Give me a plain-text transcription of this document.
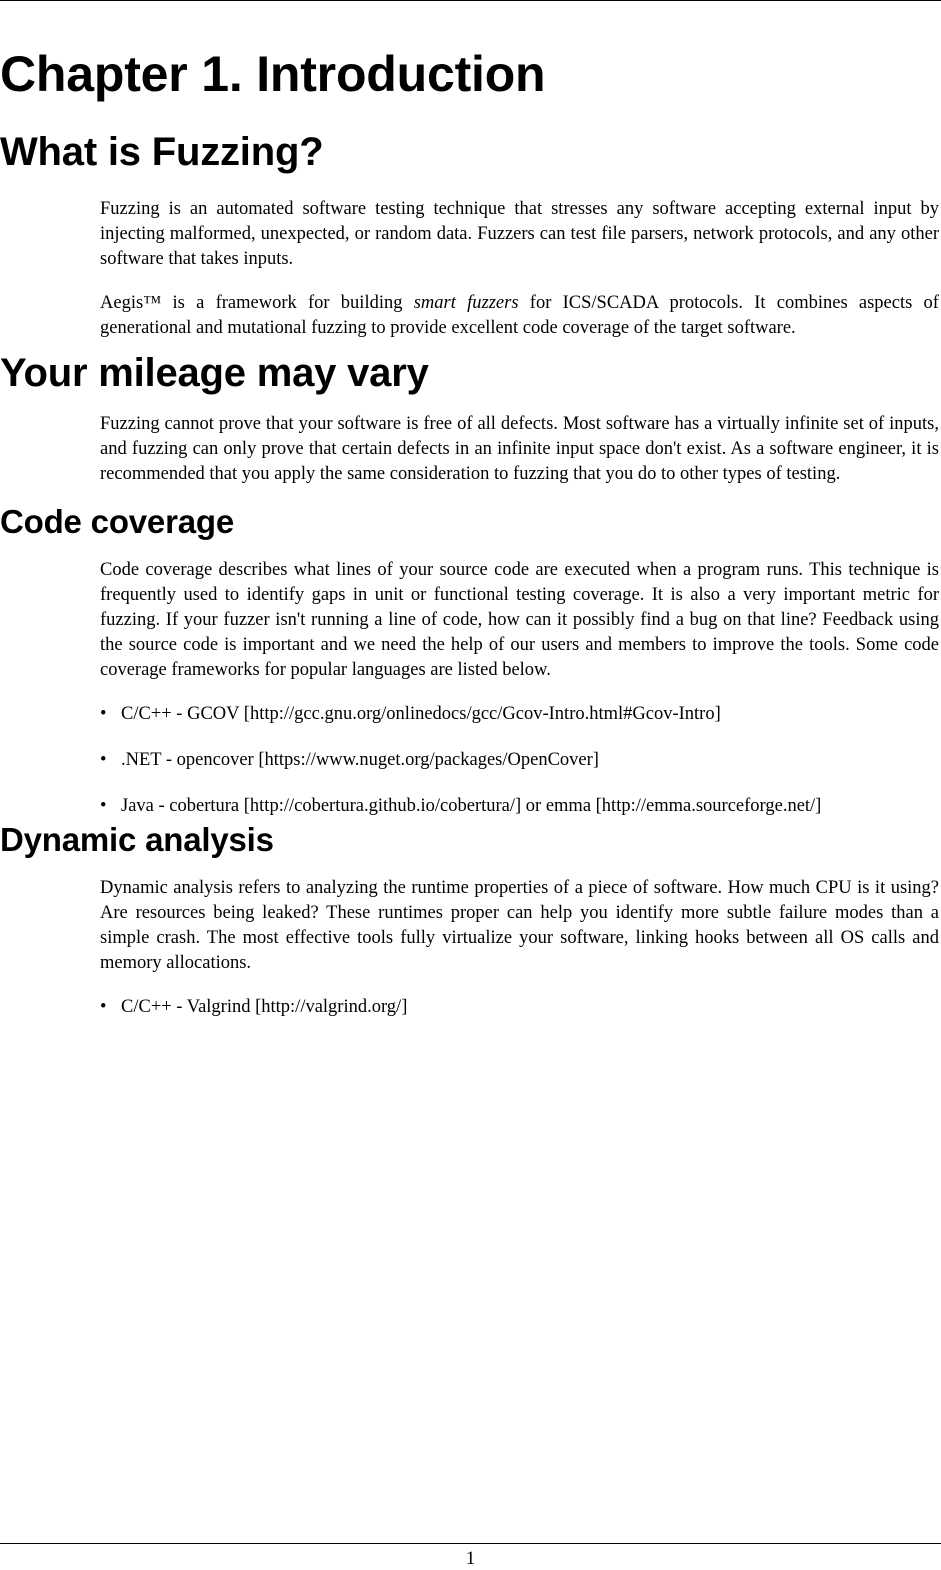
Chapter 1. Introduction
What is Fuzzing?

Fuzzing is an automated software testing technique that stresses any software accepting external input by injecting malformed, unexpected, or random data. Fuzzers can test file parsers, network protocols, and any other software that takes inputs.

Aegis™ is a framework for building smart fuzzers for ICS/SCADA protocols. It combines aspects of generational and mutational fuzzing to provide excellent code coverage of the target software.

Your mileage may vary

Fuzzing cannot prove that your software is free of all defects. Most software has a virtually infinite set of inputs, and fuzzing can only prove that certain defects in an infinite input space don't exist. As a software engineer, it is recommended that you apply the same consideration to fuzzing that you do to other types of testing.

Code coverage

Code coverage describes what lines of your source code are executed when a program runs. This technique is frequently used to identify gaps in unit or functional testing coverage. It is also a very important metric for fuzzing. If your fuzzer isn't running a line of code, how can it possibly find a bug on that line? Feedback using the source code is important and we need the help of our users and members to improve the tools. Some code coverage frameworks for popular languages are listed below.

• C/C++ - GCOV [http://gcc.gnu.org/onlinedocs/gcc/Gcov-Intro.html#Gcov-Intro]
• .NET - opencover [https://www.nuget.org/packages/OpenCover]
• Java - cobertura [http://cobertura.github.io/cobertura/] or emma [http://emma.sourceforge.net/]
Dynamic analysis

Dynamic analysis refers to analyzing the runtime properties of a piece of software. How much CPU is it using? Are resources being leaked? These runtimes proper can help you identify more subtle failure modes than a simple crash. The most effective tools fully virtualize your software, linking hooks between all OS calls and memory allocations.

• C/C++ - Valgrind [http://valgrind.org/]
1
